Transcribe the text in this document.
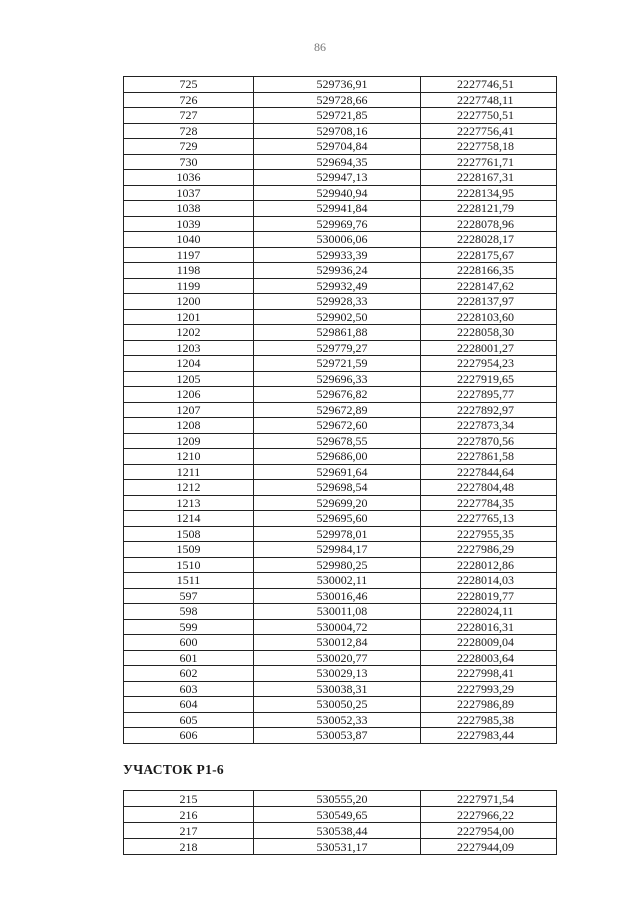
86
725	529736,91	2227746,51
726	529728,66	2227748,11
727	529721,85	2227750,51
728	529708,16	2227756,41
729	529704,84	2227758,18
730	529694,35	2227761,71
1036	529947,13	2228167,31
1037	529940,94	2228134,95
1038	529941,84	2228121,79
1039	529969,76	2228078,96
1040	530006,06	2228028,17
1197	529933,39	2228175,67
1198	529936,24	2228166,35
1199	529932,49	2228147,62
1200	529928,33	2228137,97
1201	529902,50	2228103,60
1202	529861,88	2228058,30
1203	529779,27	2228001,27
1204	529721,59	2227954,23
1205	529696,33	2227919,65
1206	529676,82	2227895,77
1207	529672,89	2227892,97
1208	529672,60	2227873,34
1209	529678,55	2227870,56
1210	529686,00	2227861,58
1211	529691,64	2227844,64
1212	529698,54	2227804,48
1213	529699,20	2227784,35
1214	529695,60	2227765,13
1508	529978,01	2227955,35
1509	529984,17	2227986,29
1510	529980,25	2228012,86
1511	530002,11	2228014,03
597	530016,46	2228019,77
598	530011,08	2228024,11
599	530004,72	2228016,31
600	530012,84	2228009,04
601	530020,77	2228003,64
602	530029,13	2227998,41
603	530038,31	2227993,29
604	530050,25	2227986,89
605	530052,33	2227985,38
606	530053,87	2227983,44
УЧАСТОК Р1-6
215	530555,20	2227971,54
216	530549,65	2227966,22
217	530538,44	2227954,00
218	530531,17	2227944,09
